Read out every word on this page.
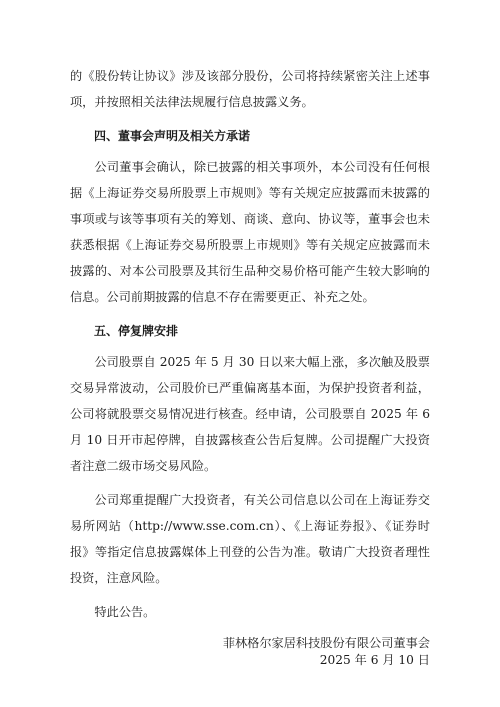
的《股份转让协议》涉及该部分股份，公司将持续紧密关注上述事项，并按照相关法律法规履行信息披露义务。

四、董事会声明及相关方承诺

公司董事会确认，除已披露的相关事项外，本公司没有任何根据《上海证券交易所股票上市规则》等有关规定应披露而未披露的事项或与该等事项有关的筹划、商谈、意向、协议等，董事会也未获悉根据《上海证券交易所股票上市规则》等有关规定应披露而未披露的、对本公司股票及其衍生品种交易价格可能产生较大影响的信息。公司前期披露的信息不存在需要更正、补充之处。

五、停复牌安排

公司股票自 2025 年 5 月 30 日以来大幅上涨，多次触及股票交易异常波动，公司股价已严重偏离基本面，为保护投资者利益，公司将就股票交易情况进行核查。经申请，公司股票自 2025 年 6 月 10 日开市起停牌，自披露核查公告后复牌。公司提醒广大投资者注意二级市场交易风险。

公司郑重提醒广大投资者，有关公司信息以公司在上海证券交易所网站（http://www.sse.com.cn）、《上海证券报》、《证券时报》等指定信息披露媒体上刊登的公告为准。敬请广大投资者理性投资，注意风险。

特此公告。

菲林格尔家居科技股份有限公司董事会
2025 年 6 月 10 日
